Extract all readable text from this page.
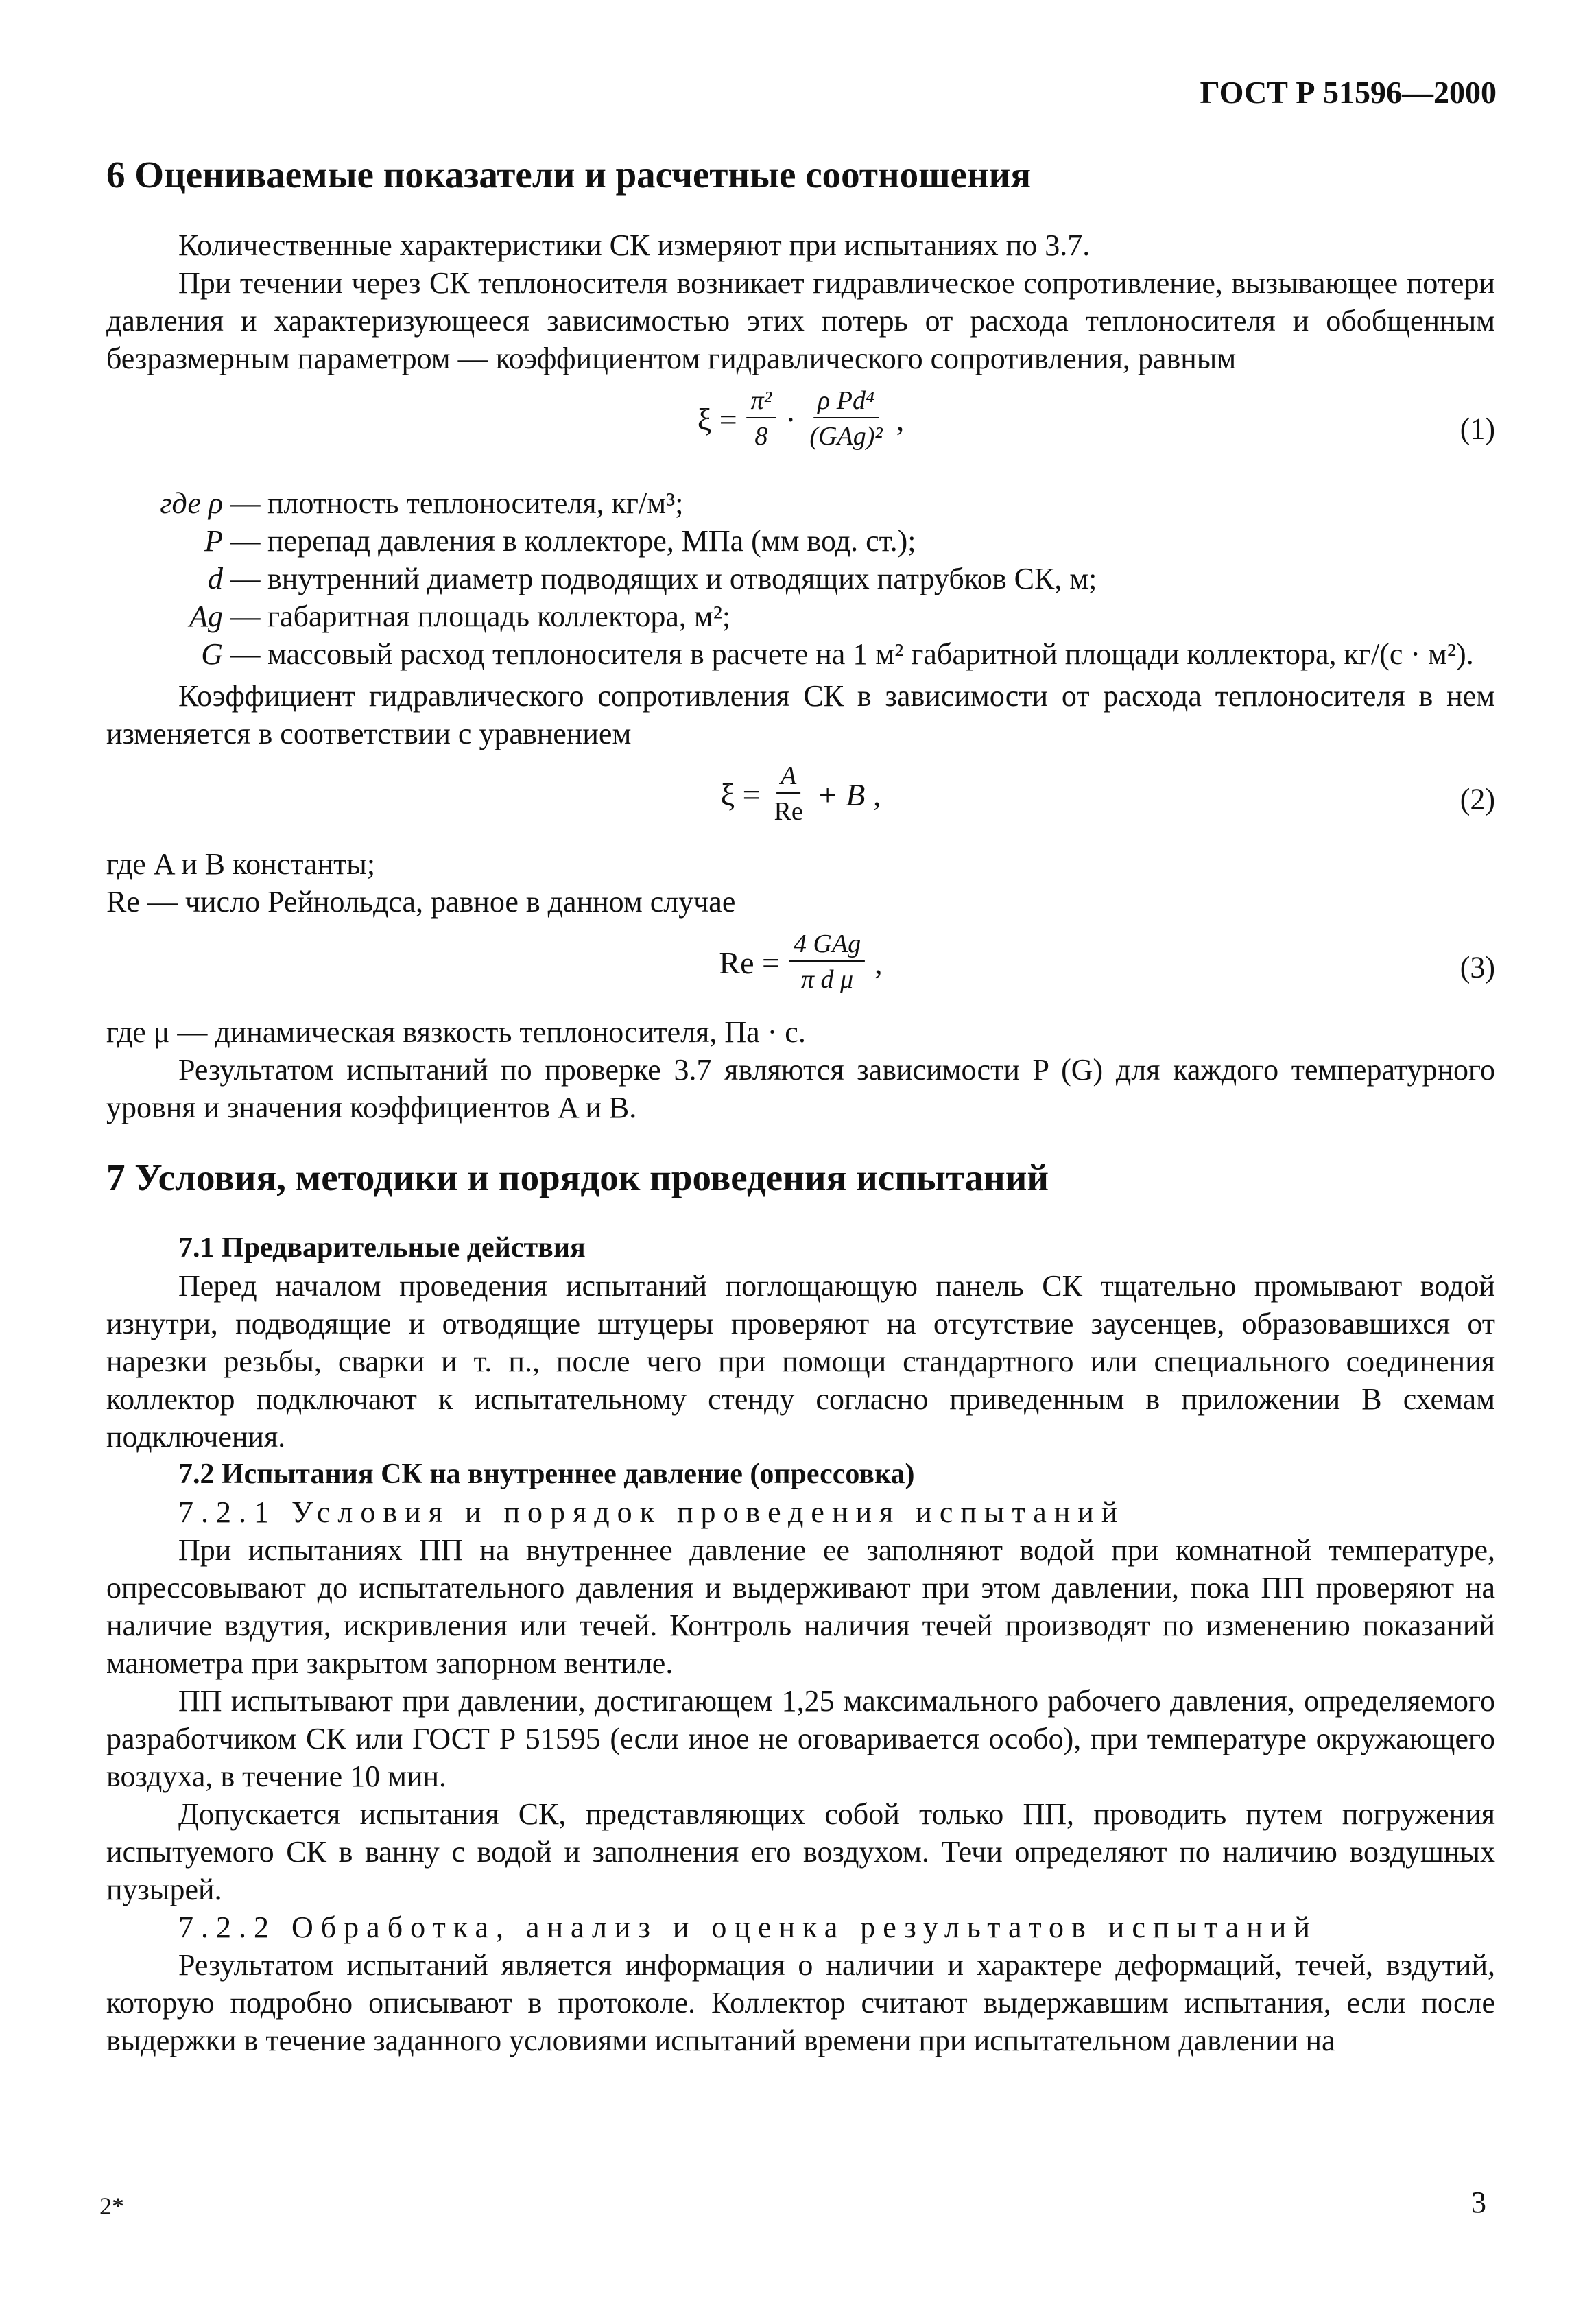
ГОСТ Р 51596—2000
6 Оцениваемые показатели и расчетные соотношения

Количественные характеристики СК измеряют при испытаниях по 3.7.

При течении через СК теплоносителя возникает гидравлическое сопротивление, вызывающее потери давления и характеризующееся зависимостью этих потерь от расхода теплоносителя и обобщенным безразмерным параметром — коэффициентом гидравлического сопротивления, равным

$\xi = \frac{\text{π²}}{8} \cdot \frac{\text{ρ Pd⁴}}{\text{(GAg)²}}$ ,	(1)
где ρ — плотность теплоносителя, кг/м³;
P — перепад давления в коллекторе, МПа (мм вод. ст.);
d — внутренний диаметр подводящих и отводящих патрубков СК, м;
Ag — габаритная площадь коллектора, м²;
G — массовый расход теплоносителя в расчете на 1 м² габаритной площади коллектора, кг/(с · м²).

Коэффициент гидравлического сопротивления СК в зависимости от расхода теплоносителя в нем изменяется в соответствии с уравнением

$\xi = \frac{A}{Re} + B$ ,	(2)

где A и B константы;

Re — число Рейнольдса, равное в данном случае

$Re = \frac{\text{4 GAg}}{\text{π d μ}}$ ,	(3)

где μ — динамическая вязкость теплоносителя, Па · с.

Результатом испытаний по проверке 3.7 являются зависимости P (G) для каждого температурного уровня и значения коэффициентов A и B.

7 Условия, методики и порядок проведения испытаний

7.1 Предварительные действия

Перед началом проведения испытаний поглощающую панель СК тщательно промывают водой изнутри, подводящие и отводящие штуцеры проверяют на отсутствие заусенцев, образовавшихся от нарезки резьбы, сварки и т. п., после чего при помощи стандартного или специального соединения коллектор подключают к испытательному стенду согласно приведенным в приложении В схемам подключения.

7.2 Испытания СК на внутреннее давление (опрессовка)

7.2.1 Условия и порядок проведения испытаний

При испытаниях ПП на внутреннее давление ее заполняют водой при комнатной температуре, опрессовывают до испытательного давления и выдерживают при этом давлении, пока ПП проверяют на наличие вздутия, искривления или течей. Контроль наличия течей производят по изменению показаний манометра при закрытом запорном вентиле.

ПП испытывают при давлении, достигающем 1,25 максимального рабочего давления, определяемого разработчиком СК или ГОСТ Р 51595 (если иное не оговаривается особо), при температуре окружающего воздуха, в течение 10 мин.

Допускается испытания СК, представляющих собой только ПП, проводить путем погружения испытуемого СК в ванну с водой и заполнения его воздухом. Течи определяют по наличию воздушных пузырей.

7.2.2 Обработка, анализ и оценка результатов испытаний

Результатом испытаний является информация о наличии и характере деформаций, течей, вздутий, которую подробно описывают в протоколе. Коллектор считают выдержавшим испытания, если после выдержки в течение заданного условиями испытаний времени при испытательном давлении на

2*	3
